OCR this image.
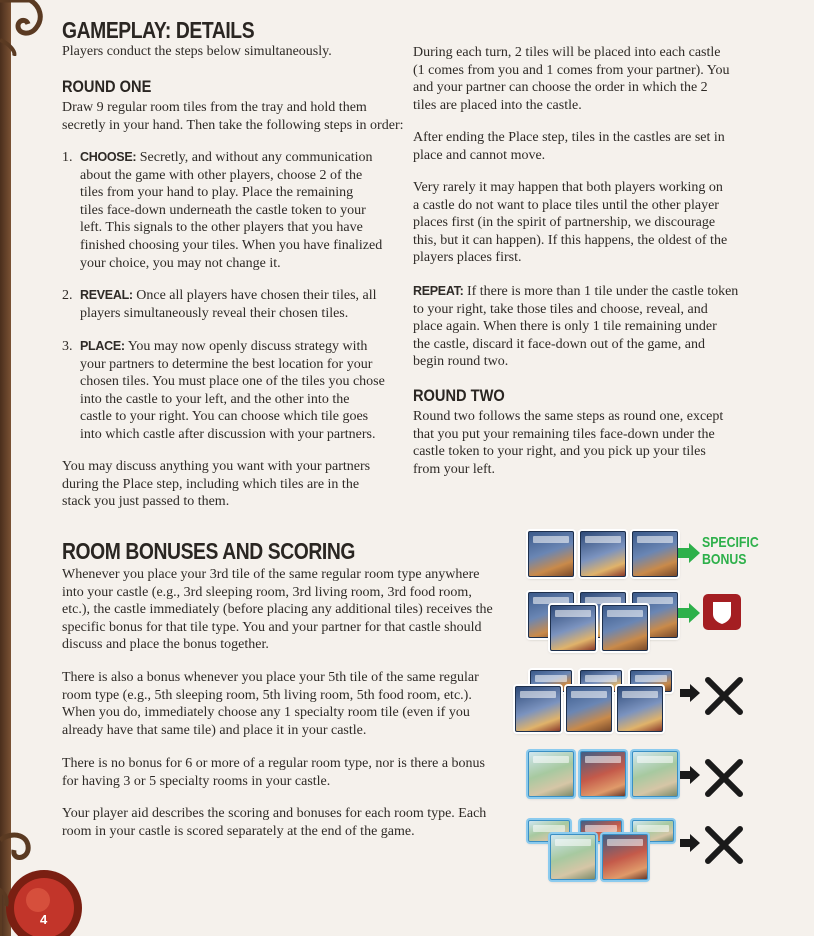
4
GAMEPLAY: DETAILS
Players conduct the steps below simultaneously.
ROUND ONE
Draw 9 regular room tiles from the tray and hold them
secretly in your hand. Then take the following steps in order:
1. CHOOSE: Secretly, and without any communication
about the game with other players, choose 2 of the
tiles from your hand to play. Place the remaining
tiles face-down underneath the castle token to your
left. This signals to the other players that you have
finished choosing your tiles. When you have finalized
your choice, you may not change it.
2. REVEAL: Once all players have chosen their tiles, all
players simultaneously reveal their chosen tiles.
3. PLACE: You may now openly discuss strategy with
your partners to determine the best location for your
chosen tiles. You must place one of the tiles you chose
into the castle to your left, and the other into the
castle to your right. You can choose which tile goes
into which castle after discussion with your partners.
You may discuss anything you want with your partners
during the Place step, including which tiles are in the
stack you just passed to them.
During each turn, 2 tiles will be placed into each castle
(1 comes from you and 1 comes from your partner). You
and your partner can choose the order in which the 2
tiles are placed into the castle.
After ending the Place step, tiles in the castles are set in
place and cannot move.
Very rarely it may happen that both players working on
a castle do not want to place tiles until the other player
places first (in the spirit of partnership, we discourage
this, but it can happen). If this happens, the oldest of the
players places first.
REPEAT: If there is more than 1 tile under the castle token
to your right, take those tiles and choose, reveal, and
place again. When there is only 1 tile remaining under
the castle, discard it face-down out of the game, and
begin round two.
ROUND TWO
Round two follows the same steps as round one, except
that you put your remaining tiles face-down under the
castle token to your right, and you pick up your tiles
from your left.
ROOM BONUSES AND SCORING
Whenever you place your 3rd tile of the same regular room type anywhere
into your castle (e.g., 3rd sleeping room, 3rd living room, 3rd food room,
etc.), the castle immediately (before placing any additional tiles) receives the
specific bonus for that tile type. You and your partner for that castle should
discuss and place the bonus together.
There is also a bonus whenever you place your 5th tile of the same regular
room type (e.g., 5th sleeping room, 5th living room, 5th food room, etc.).
When you do, immediately choose any 1 specialty room tile (even if you
already have that same tile) and place it in your castle.
There is no bonus for 6 or more of a regular room type, nor is there a bonus
for having 3 or 5 specialty rooms in your castle.
Your player aid describes the scoring and bonuses for each room type. Each
room in your castle is scored separately at the end of the game.
SPECIFIC
BONUS
